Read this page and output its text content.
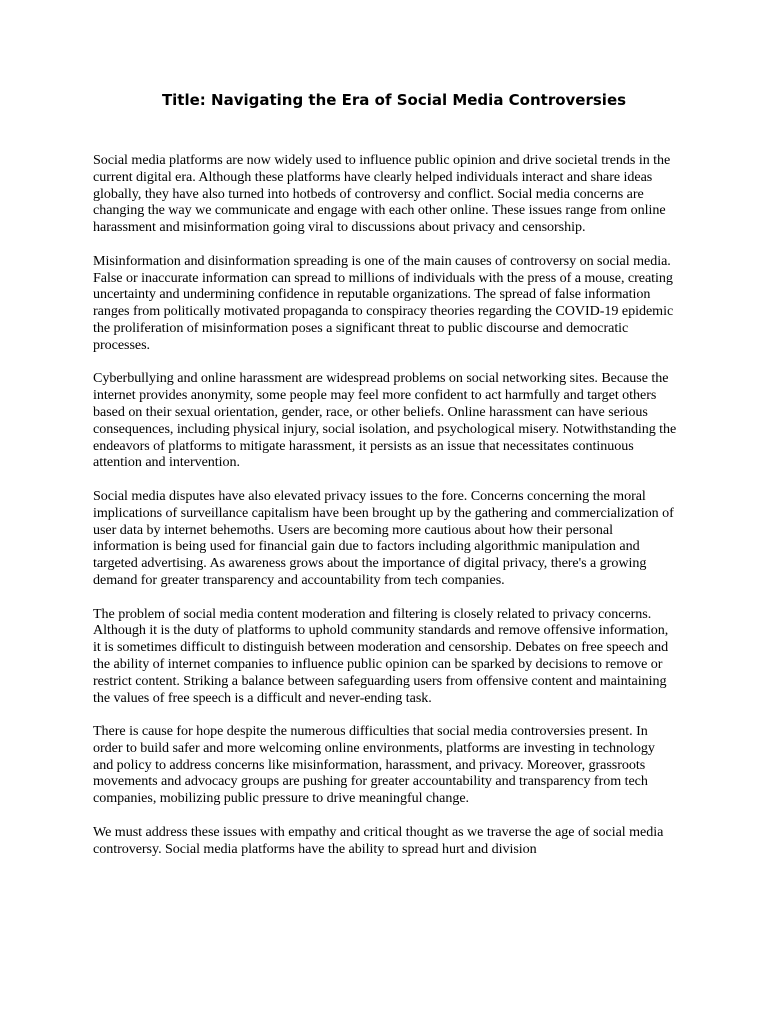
Title: Navigating the Era of Social Media Controversies

Social media platforms are now widely used to influence public opinion and drive societal trends in the current digital era. Although these platforms have clearly helped individuals interact and share ideas globally, they have also turned into hotbeds of controversy and conflict. Social media concerns are changing the way we communicate and engage with each other online. These issues range from online harassment and misinformation going viral to discussions about privacy and censorship.

Misinformation and disinformation spreading is one of the main causes of controversy on social media. False or inaccurate information can spread to millions of individuals with the press of a mouse, creating uncertainty and undermining confidence in reputable organizations. The spread of false information ranges from politically motivated propaganda to conspiracy theories regarding the COVID-19 epidemic the proliferation of misinformation poses a significant threat to public discourse and democratic processes.

Cyberbullying and online harassment are widespread problems on social networking sites. Because the internet provides anonymity, some people may feel more confident to act harmfully and target others based on their sexual orientation, gender, race, or other beliefs. Online harassment can have serious consequences, including physical injury, social isolation, and psychological misery. Notwithstanding the endeavors of platforms to mitigate harassment, it persists as an issue that necessitates continuous attention and intervention.

Social media disputes have also elevated privacy issues to the fore. Concerns concerning the moral implications of surveillance capitalism have been brought up by the gathering and commercialization of user data by internet behemoths. Users are becoming more cautious about how their personal information is being used for financial gain due to factors including algorithmic manipulation and targeted advertising. As awareness grows about the importance of digital privacy, there's a growing demand for greater transparency and accountability from tech companies.

The problem of social media content moderation and filtering is closely related to privacy concerns. Although it is the duty of platforms to uphold community standards and remove offensive information, it is sometimes difficult to distinguish between moderation and censorship. Debates on free speech and the ability of internet companies to influence public opinion can be sparked by decisions to remove or restrict content. Striking a balance between safeguarding users from offensive content and maintaining the values of free speech is a difficult and never-ending task.

There is cause for hope despite the numerous difficulties that social media controversies present. In order to build safer and more welcoming online environments, platforms are investing in technology and policy to address concerns like misinformation, harassment, and privacy. Moreover, grassroots movements and advocacy groups are pushing for greater accountability and transparency from tech companies, mobilizing public pressure to drive meaningful change.

We must address these issues with empathy and critical thought as we traverse the age of social media controversy. Social media platforms have the ability to spread hurt and division
